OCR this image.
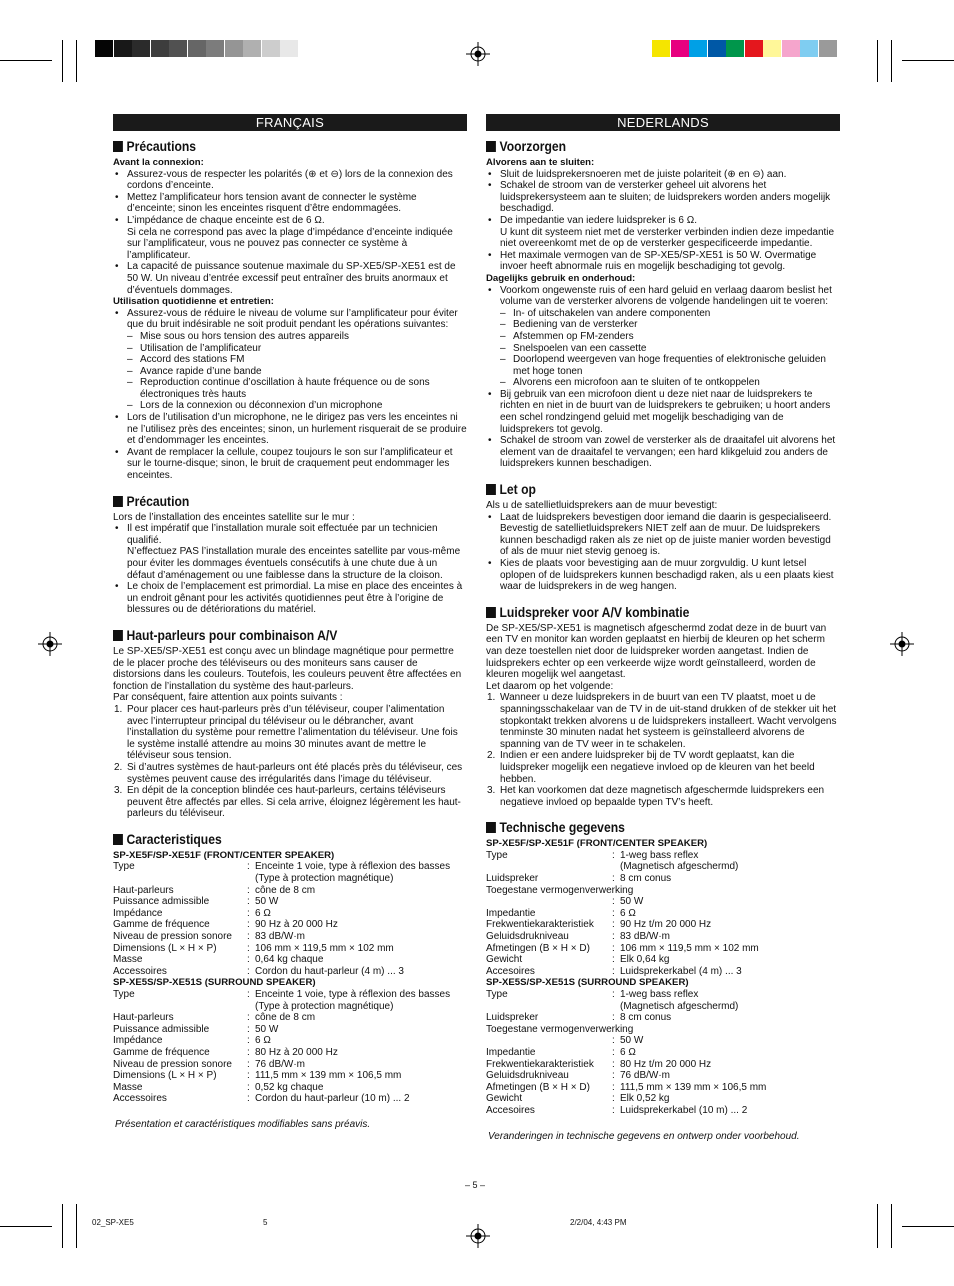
FRANÇAIS
Précautions

Avant la connexion:

• Assurez-vous de respecter les polarités (⊕ et ⊖) lors de la connexion des cordons d’enceinte.

• Mettez l’amplificateur hors tension avant de connecter le système d’enceinte; sinon les enceintes risquent d’être endommagées.

• L’impédance de chaque enceinte est de 6 Ω.

Si cela ne correspond pas avec la plage d’impédance d’enceinte indiquée sur l’amplificateur, vous ne pouvez pas connecter ce système à l’amplificateur.

• La capacité de puissance soutenue maximale du SP-XE5/SP-XE51 est de 50 W. Un niveau d’entrée excessif peut entraîner des bruits anormaux et d’éventuels dommages.

Utilisation quotidienne et entretien:

• Assurez-vous de réduire le niveau de volume sur l’amplificateur pour éviter que du bruit indésirable ne soit produit pendant les opérations suivantes:

– Mise sous ou hors tension des autres appareils

– Utilisation de l’amplificateur

– Accord des stations FM

– Avance rapide d’une bande

– Reproduction continue d’oscillation à haute fréquence ou de sons électroniques très hauts

– Lors de la connexion ou déconnexion d’un microphone

• Lors de l’utilisation d’un microphone, ne le dirigez pas vers les enceintes ni ne l’utilisez près des enceintes; sinon, un hurlement risquerait de se produire et d’endommager les enceintes.

• Avant de remplacer la cellule, coupez toujours le son sur l’amplificateur et sur le tourne-disque; sinon, le bruit de craquement peut endommager les enceintes.

Précaution

Lors de l’installation des enceintes satellite sur le mur :

• Il est impératif que l’installation murale soit effectuée par un technicien qualifié.

N’effectuez PAS l’installation murale des enceintes satellite par vous-même pour éviter les dommages éventuels consécutifs à une chute due à un défaut d’aménagement ou une faiblesse dans la structure de la cloison.

• Le choix de l’emplacement est primordial. La mise en place des enceintes à un endroit gênant pour les activités quotidiennes peut être à l’origine de blessures ou de détériorations du matériel.

Haut-parleurs pour combinaison A/V

Le SP-XE5/SP-XE51 est conçu avec un blindage magnétique pour permettre de le placer proche des téléviseurs ou des moniteurs sans causer de distorsions dans les couleurs. Toutefois, les couleurs peuvent être affectées en fonction de l’installation du système des haut-parleurs.

Par conséquent, faire attention aux points suivants :

1. Pour placer ces haut-parleurs près d’un téléviseur, couper l’alimentation avec l’interrupteur principal du téléviseur ou le débrancher, avant l’installation du système pour remettre l’alimentation du téléviseur. Une fois le système installé attendre au moins 30 minutes avant de mettre le téléviseur sous tension.

2. Si d’autres systèmes de haut-parleurs ont été placés près du téléviseur, ces systèmes peuvent cause des irrégularités dans l’image du téléviseur.

3. En dépit de la conception blindée ces haut-parleurs, certains téléviseurs peuvent être affectés par elles. Si cela arrive, éloignez légèrement les haut-parleurs du téléviseur.

Caracteristiques

SP-XE5F/SP-XE51F (FRONT/CENTER SPEAKER)

Type	: Enceinte 1 voie, type à réflexion des basses
(Type à protection magnétique)
Haut-parleurs	: cône de 8 cm
Puissance admissible	: 50 W
Impédance	: 6 Ω
Gamme de fréquence	: 90 Hz à 20 000 Hz
Niveau de pression sonore	: 83 dB/W·m
Dimensions (L × H × P)	: 106 mm × 119,5 mm × 102 mm
Masse	: 0,64 kg chaque
Accessoires	: Cordon du haut-parleur (4 m) ... 3

SP-XE5S/SP-XE51S (SURROUND SPEAKER)

Type	: Enceinte 1 voie, type à réflexion des basses
(Type à protection magnétique)
Haut-parleurs	: cône de 8 cm
Puissance admissible	: 50 W
Impédance	: 6 Ω
Gamme de fréquence	: 80 Hz à 20 000 Hz
Niveau de pression sonore	: 76 dB/W·m
Dimensions (L × H × P)	: 111,5 mm × 139 mm × 106,5 mm
Masse	: 0,52 kg chaque
Accessoires	: Cordon du haut-parleur (10 m) ... 2

Présentation et caractéristiques modifiables sans préavis.

NEDERLANDS
Voorzorgen

Alvorens aan te sluiten:

• Sluit de luidsprekersnoeren met de juiste polariteit (⊕ en ⊖) aan.

• Schakel de stroom van de versterker geheel uit alvorens het luidsprekersysteem aan te sluiten; de luidsprekers worden anders mogelijk beschadigd.

• De impedantie van iedere luidspreker is 6 Ω.

U kunt dit systeem niet met de versterker verbinden indien deze impedantie niet overeenkomt met de op de versterker gespecificeerde impedantie.

• Het maximale vermogen van de SP-XE5/SP-XE51 is 50 W. Overmatige invoer heeft abnormale ruis en mogelijk beschadiging tot gevolg.

Dagelijks gebruik en onderhoud:

• Voorkom ongewenste ruis of een hard geluid en verlaag daarom beslist het volume van de versterker alvorens de volgende handelingen uit te voeren:

– In- of uitschakelen van andere componenten

– Bediening van de versterker

– Afstemmen op FM-zenders

– Snelspoelen van een cassette

– Doorlopend weergeven van hoge frequenties of elektronische geluiden met hoge tonen

– Alvorens een microfoon aan te sluiten of te ontkoppelen

• Bij gebruik van een microfoon dient u deze niet naar de luidsprekers te richten en niet in de buurt van de luidsprekers te gebruiken; u hoort anders een schel rondzingend geluid met mogelijk beschadiging van de luidsprekers tot gevolg.

• Schakel de stroom van zowel de versterker als de draaitafel uit alvorens het element van de draaitafel te vervangen; een hard klikgeluid zou anders de luidsprekers kunnen beschadigen.

Let op

Als u de satellietluidsprekers aan de muur bevestigt:

• Laat de luidsprekers bevestigen door iemand die daarin is gespecialiseerd.

Bevestig de satellietluidsprekers NIET zelf aan de muur. De luidsprekers kunnen beschadigd raken als ze niet op de juiste manier worden bevestigd of als de muur niet stevig genoeg is.

• Kies de plaats voor bevestiging aan de muur zorgvuldig. U kunt letsel oplopen of de luidsprekers kunnen beschadigd raken, als u een plaats kiest waar de luidsprekers in de weg hangen.

Luidspreker voor A/V kombinatie

De SP-XE5/SP-XE51 is magnetisch afgeschermd zodat deze in de buurt van een TV en monitor kan worden geplaatst en hierbij de kleuren op het scherm van deze toestellen niet door de luidspreker worden aangetast. Indien de luidsprekers echter op een verkeerde wijze wordt geïnstalleerd, worden de kleuren mogelijk wel aangetast.

Let daarom op het volgende:

1. Wanneer u deze luidsprekers in de buurt van een TV plaatst, moet u de spanningsschakelaar van de TV in de uit-stand drukken of de stekker uit het stopkontakt trekken alvorens u de luidsprekers installeert. Wacht vervolgens tenminste 30 minuten nadat het systeem is geïnstalleerd alvorens de spanning van de TV weer in te schakelen.

2. Indien er een andere luidspreker bij de TV wordt geplaatst, kan die luidspreker mogelijk een negatieve invloed op de kleuren van het beeld hebben.

3. Het kan voorkomen dat deze magnetisch afgeschermde luidsprekers een negatieve invloed op bepaalde typen TV’s heeft.

Technische gegevens

SP-XE5F/SP-XE51F (FRONT/CENTER SPEAKER)

Type	: 1-weg bass reflex
(Magnetisch afgeschermd)
Luidspreker	: 8 cm conus
Toegestane vermogenverwerking
: 50 W
Impedantie	: 6 Ω
Frekwentiekarakteristiek	: 90 Hz t/m 20 000 Hz
Geluidsdrukniveau	: 83 dB/W·m
Afmetingen (B × H × D)	: 106 mm × 119,5 mm × 102 mm
Gewicht	: Elk 0,64 kg
Accesoires	: Luidsprekerkabel (4 m) ... 3

SP-XE5S/SP-XE51S (SURROUND SPEAKER)

Type	: 1-weg bass reflex
(Magnetisch afgeschermd)
Luidspreker	: 8 cm conus
Toegestane vermogenverwerking
: 50 W
Impedantie	: 6 Ω
Frekwentiekarakteristiek	: 80 Hz t/m 20 000 Hz
Geluidsdrukniveau	: 76 dB/W·m
Afmetingen (B × H × D)	: 111,5 mm × 139 mm × 106,5 mm
Gewicht	: Elk 0,52 kg
Accesoires	: Luidsprekerkabel (10 m) ... 2

Veranderingen in technische gegevens en ontwerp onder voorbehoud.

– 5 –
02_SP-XE5	5	2/2/04, 4:43 PM
